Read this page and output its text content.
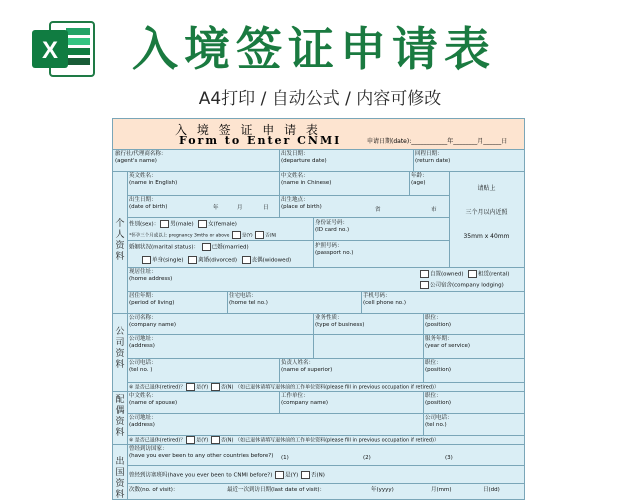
X 入境签证申请表
A4打印 / 自动公式 / 内容可修改
入 境 签 证 申 请 表
Form to Enter CNMI	申请日期(date):____________年________月______日
旅行社/代理商名称：
(agent's name)
出发日期：
(departure date)
回程日期：
(return date)
个人资料
英文姓名：
(name in English)
中文姓名：
(name in Chinese)
年龄：
(age)
请贴上
三个月以内近照
35mm x 40mm
出生日期：
(date of birth)	年	月	日
出生地点：
(place of birth)	省	市
性别(sex)： 男(male)	女(female)
*怀孕三个月或以上 pregnancy 3mths or above	是(Y)	否(N)
身份证号码：
(ID card no.)
婚姻状况(marital status)： 已婚(married)
单身(single)	离婚(divorced)	丧偶(widowed)
护照号码：
(passport no.)
现居住址：
(home address)
自置(owned)	租赁(rental)
公司宿舍(company lodging)
居住年期：
(period of living)
住宅电话：
(home tel no.)
手机号码：
(cell phone no.)
公司资料
公司名称：
(company name)
业务性质：
(type of business)
职位：
(position)
公司地址：
(address)
服务年期：
(year of service)
公司电话：
(tel no. )
负责人姓名：
(name of superior)
职位：
(position)
※ 是否已退休(retired)？ 是(Y)	否(N) （如已退休请填写退休前的工作单位资料(please fill in previous occupation if retired)）
配偶资料
中文姓名：
(name of spouse)
工作单位：
(company name)
职位：
(position)
公司地址：
(address)
公司电话：
(tel no.)
※ 是否已退休(retired)？ 是(Y)	否(N) （如已退休请填写退休前的工作单位资料(please fill in previous occupation if retired)）
出国资料
曾经到访国家：
(have you ever been to any other countries before?) (1)	(2)	(3)
曾经到访塞班吗(have you ever been to CNMI before?) 是(Y) 否(N)
次数(no. of visit)：	最近一次到访日期(last date of visit)：	年(yyyy)	月(mm)	日(dd)
